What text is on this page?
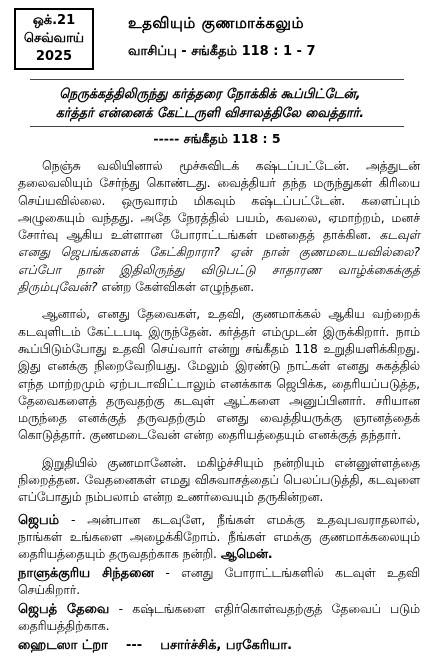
ஒக்.21
செவ்வாய்
2025
உதவியும் குணமாக்கலும்
வாசிப்பு - சங்கீதம் 118 : 1 - 7
நெருக்கத்திலிருந்து கர்த்தரை நோக்கிக் கூப்பிட்டேன்,
கர்த்தர் என்னைக் கேட்டருளி விசாலத்திலே வைத்தார்.
----- சங்கீதம் 118 : 5

நெஞ்சு வலியினால் மூச்சுவிடக் கஷ்டப்பட்டேன். அத்துடன் தலைவலியும் சேர்ந்து கொண்டது. வைத்தியர் தந்த மருந்துகள் கிரியை செய்யவில்லை. ஒருவாரம் மிகவும் கஷ்டப்பட்டேன். களைப்பும் அழுகையும் வந்தது. அதே நேரத்தில் பயம், கவலை, ஏமாற்றம், மனச் சோர்வு ஆகிய உள்ளான போராட்டங்கள் மனதைத் தாக்கின. கடவுள் எனது ஜெபங்களைக் கேட்கிறாரா? ஏன் நான் குணமடையவில்லை? எப்போ நான் இதிலிருந்து விடுபட்டு சாதாரண வாழ்க்கைக்குத் திரும்புவேன்? என்ற கேள்விகள் எழுந்தன.

ஆனால், எனது தேவைகள், உதவி, குணமாக்கல் ஆகிய வற்றைக் கடவுளிடம் கேட்டபடி இருந்தேன். கர்த்தர் எம்முடன் இருக்கிறார். நாம் கூப்பிடும்போது உதவி செய்வார் என்று சங்கீதம் 118 உறுதியளிக்கிறது. இது எனக்கு நிறைவேறியது. மேலும் இரண்டு நாட்கள் எனது சுகத்தில் எந்த மாற்றமும் ஏற்படாவிட்டாலும் எனக்காக ஜெபிக்க, தைரியப்படுத்த, தேவைகளைத் தருவதற்கு கடவுள் ஆட்களை அனுப்பினார். சரியான மருந்தை எனக்குத் தருவதற்கும் எனது வைத்தியருக்கு ஞானத்தைக் கொடுத்தார். குணமடைவேன் என்ற தைரியத்தையும் எனக்குத் தந்தார்.

இறுதியில் குணமானேன். மகிழ்ச்சியும் நன்றியும் என்னுள்ளத்தை நிறைத்தன. வேதனைகள் எமது விசுவாசத்தைப் பெலப்படுத்தி, கடவுளை எப்போதும் நம்பலாம் என்ற உணர்வையும் தருகின்றன.

ஜெபம் - அன்பான கடவுளே, நீங்கள் எமக்கு உதவுபவராதலால், நாங்கள் உங்களை அழைக்கிறோம். நீங்கள் எமக்கு குணமாக்கலையும் தைரியத்தையும் தருவதற்காக நன்றி. ஆமென்.

நாளுக்குரிய சிந்தனை - எனது போராட்டங்களில் கடவுள் உதவி செய்கிறார்.

ஜெபத் தேவை - கஷ்டங்களை எதிர்கொள்வதற்குத் தேவைப் படும் தைரியத்திற்காக.

ஹைடஸா ட்றா --- பசார்ச்சிக், பரகேரியா.
